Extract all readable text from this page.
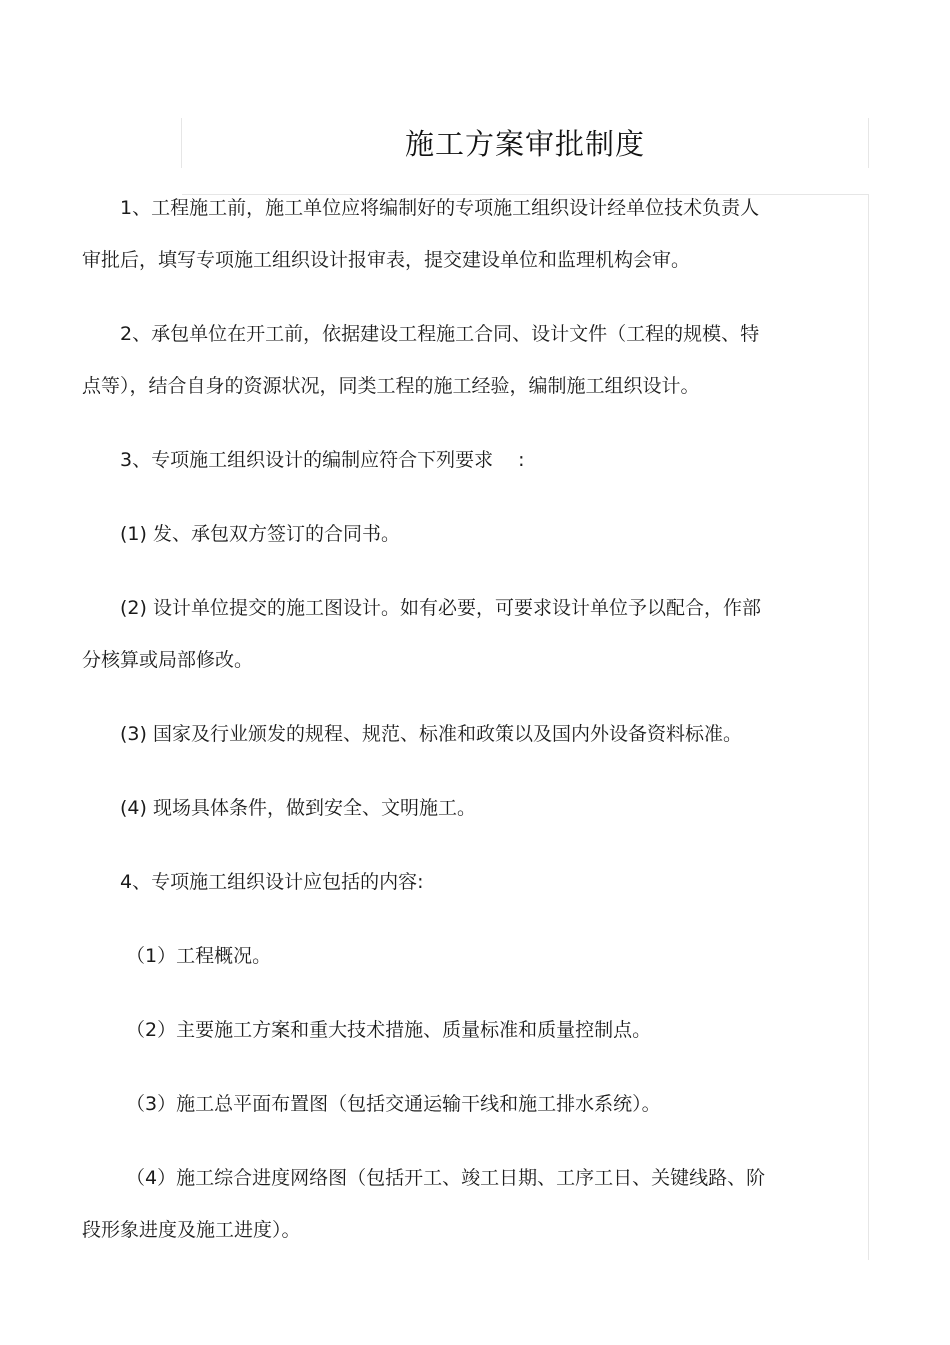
施工方案审批制度

1、工程施工前，施工单位应将编制好的专项施工组织设计经单位技术负责人
审批后，填写专项施工组织设计报审表，提交建设单位和监理机构会审。

2、承包单位在开工前，依据建设工程施工合同、设计文件（工程的规模、特
点等），结合自身的资源状况，同类工程的施工经验，编制施工组织设计。

3、专项施工组织设计的编制应符合下列要求　 :

(1) 发、承包双方签订的合同书。

(2) 设计单位提交的施工图设计。如有必要，可要求设计单位予以配合，作部
分核算或局部修改。

(3) 国家及行业颁发的规程、规范、标准和政策以及国内外设备资料标准。

(4) 现场具体条件，做到安全、文明施工。

4、专项施工组织设计应包括的内容:

（1）工程概况。

（2）主要施工方案和重大技术措施、质量标准和质量控制点。

（3）施工总平面布置图（包括交通运输干线和施工排水系统）。

（4）施工综合进度网络图（包括开工、竣工日期、工序工日、关键线路、阶
段形象进度及施工进度）。
